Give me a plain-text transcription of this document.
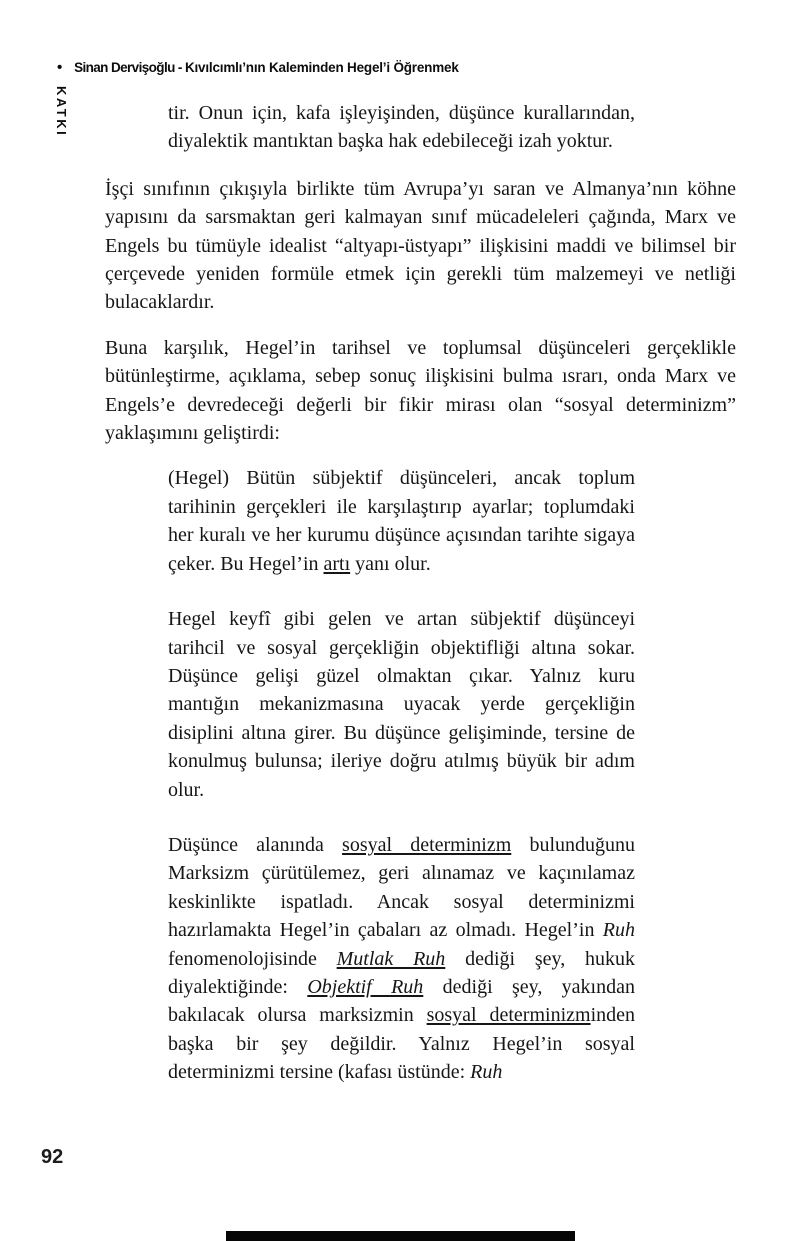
• Sinan Dervişoğlu - Kıvılcımlı’nın Kaleminden Hegel’i Öğrenmek
KATKI	tir. Onun için, kafa işleyişinden, düşünce kurallarından, diyalektik mantıktan başka hak edebileceği izah yoktur.

İşçi sınıfının çıkışıyla birlikte tüm Avrupa’yı saran ve Almanya’nın köhne yapısını da sarsmaktan geri kalmayan sınıf mücadeleleri çağında, Marx ve Engels bu tümüyle idealist “altyapı-üstyapı” ilişkisini maddi ve bilimsel bir çerçevede yeniden formüle etmek için gerekli tüm malzemeyi ve netliği bulacaklardır.

Buna karşılık, Hegel’in tarihsel ve toplumsal düşünceleri gerçeklikle bütünleştirme, açıklama, sebep sonuç ilişkisini bulma ısrarı, onda Marx ve Engels’e devredeceği değerli bir fikir mirası olan “sosyal determinizm” yaklaşımını geliştirdi:

(Hegel) Bütün sübjektif düşünceleri, ancak toplum tarihinin gerçekleri ile karşılaştırıp ayarlar; toplumdaki her kuralı ve her kurumu düşünce açısından tarihte sigaya çeker. Bu Hegel’in artı yanı olur.

Hegel keyfî gibi gelen ve artan sübjektif düşünceyi tarihcil ve sosyal gerçekliğin objektifliği altına sokar. Düşünce gelişi güzel olmaktan çıkar. Yalnız kuru mantığın mekanizmasına uyacak yerde gerçekliğin disiplini altına girer. Bu düşünce gelişiminde, tersine de konulmuş bulunsa; ileriye doğru atılmış büyük bir adım olur.

Düşünce alanında sosyal determinizm bulunduğunu Marksizm çürütülemez, geri alınamaz ve kaçınılamaz keskinlikte ispatladı. Ancak sosyal determinizmi hazırlamakta Hegel’in çabaları az olmadı. Hegel’in Ruh fenomenolojisinde Mutlak Ruh dediği şey, hukuk diyalektiğinde: Objektif Ruh dediği şey, yakından bakılacak olursa marksizmin sosyal determinizminden başka bir şey değildir. Yalnız Hegel’in sosyal determinizmi tersine (kafası üstünde: Ruh

92
